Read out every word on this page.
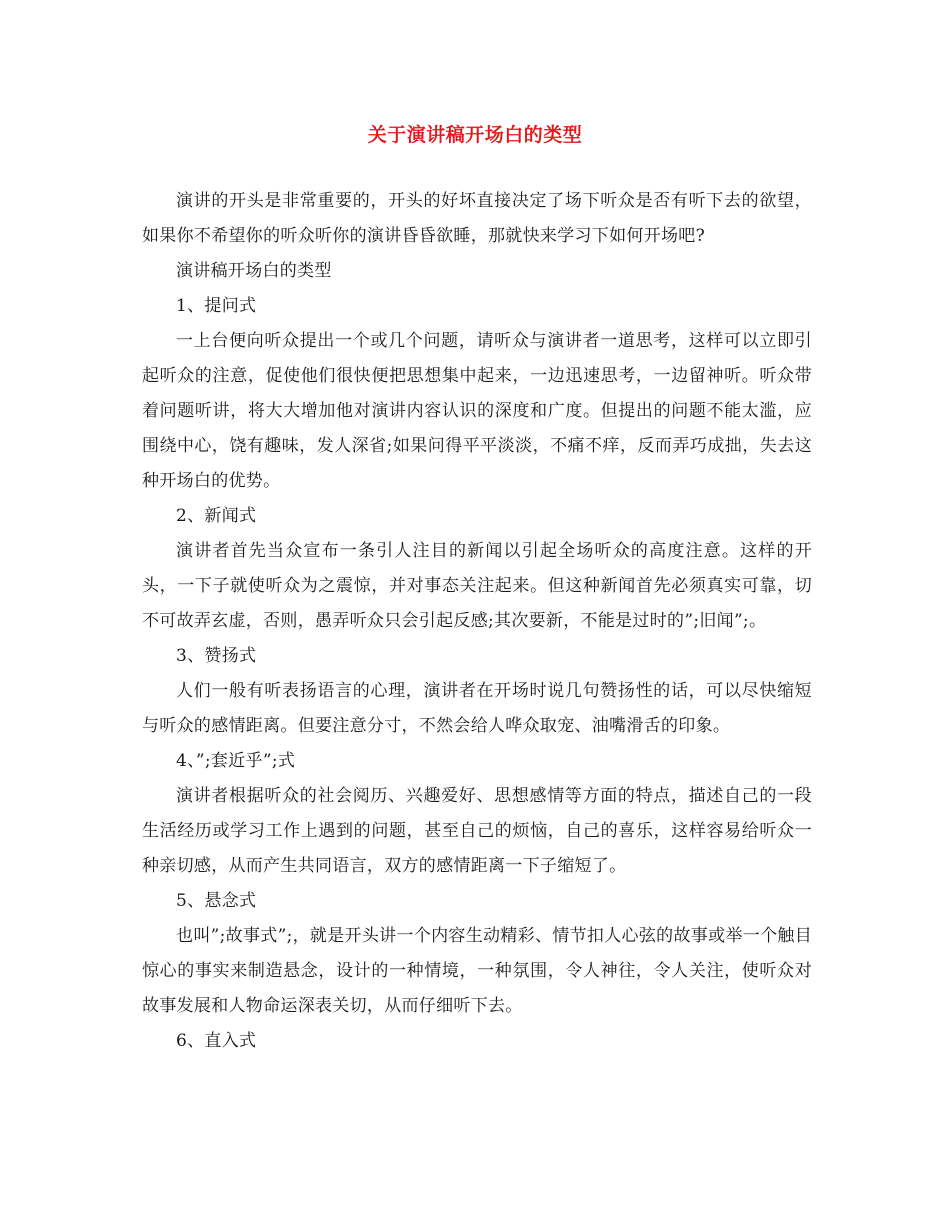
关于演讲稿开场白的类型

演讲的开头是非常重要的，开头的好坏直接决定了场下听众是否有听下去的欲望，如果你不希望你的听众听你的演讲昏昏欲睡，那就快来学习下如何开场吧?

演讲稿开场白的类型

1、提问式

一上台便向听众提出一个或几个问题，请听众与演讲者一道思考，这样可以立即引起听众的注意，促使他们很快便把思想集中起来，一边迅速思考，一边留神听。听众带着问题听讲，将大大增加他对演讲内容认识的深度和广度。但提出的问题不能太滥，应围绕中心，饶有趣味，发人深省;如果问得平平淡淡，不痛不痒，反而弄巧成拙，失去这种开场白的优势。

2、新闻式

演讲者首先当众宣布一条引人注目的新闻以引起全场听众的高度注意。这样的开头，一下子就使听众为之震惊，并对事态关注起来。但这种新闻首先必须真实可靠，切不可故弄玄虚，否则，愚弄听众只会引起反感;其次要新，不能是过时的”;旧闻”;。

3、赞扬式

人们一般有听表扬语言的心理，演讲者在开场时说几句赞扬性的话，可以尽快缩短与听众的感情距离。但要注意分寸，不然会给人哗众取宠、油嘴滑舌的印象。

4、”;套近乎”;式

演讲者根据听众的社会阅历、兴趣爱好、思想感情等方面的特点，描述自己的一段生活经历或学习工作上遇到的问题，甚至自己的烦恼，自己的喜乐，这样容易给听众一种亲切感，从而产生共同语言，双方的感情距离一下子缩短了。

5、悬念式

也叫”;故事式”;，就是开头讲一个内容生动精彩、情节扣人心弦的故事或举一个触目惊心的事实来制造悬念，设计的一种情境，一种氛围，令人神往，令人关注，使听众对故事发展和人物命运深表关切，从而仔细听下去。

6、直入式
